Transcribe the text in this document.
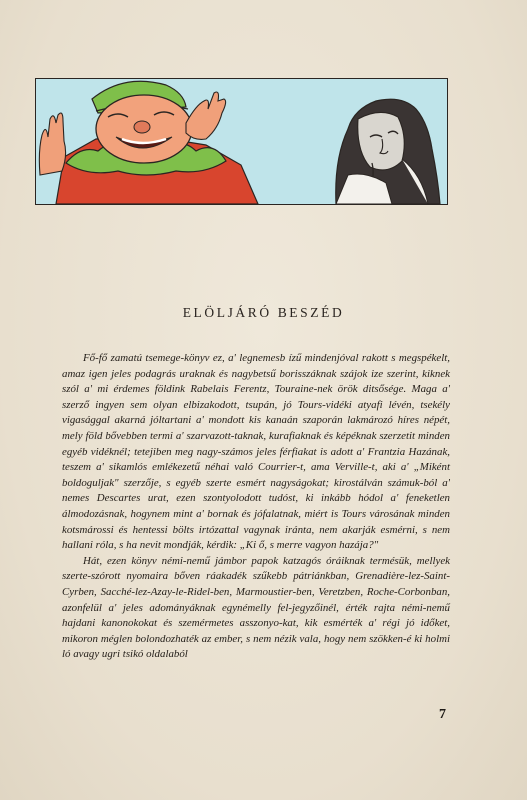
ELÖLJÁRÓ BESZÉD

Fő-fő zamatú tsemege-könyv ez, a' legnemesb ízű mindenjóval rakott s megspékelt, amaz igen jeles podagrás uraknak és nagybetsű borisszáknak szájok ize szerint, kiknek szól a' mi érdemes földink Rabelais Ferentz, Touraine-nek örök ditsősége. Maga a' szerző ingyen sem olyan elbizakodott, tsupán, jó Tours-vidéki atyafi lévén, tsekély vigasággal akarná jóltartani a' mondott kis kanaán szaporán lakmározó híres népét, mely föld bővebben termi a' szarvazott-taknak, kurafiaknak és képéknak szerzetit minden egyéb vidéknél; tetejiben meg nagy-számos jeles férfiakat is adott a' Frantzia Hazának, teszem a' sikamlós emlékezetű néhai való Courrier-t, ama Verville-t, aki a' „Miként boldoguljak" szerzője, s egyéb szerte esmért nagyságokat; kirostálván számuk-ból a' nemes Descartes urat, ezen szontyolodott tudóst, ki inkább hódol a' feneketlen álmodozásnak, hogynem mint a' bornak és jófalatnak, miért is Tours városának minden kotsmárossi és hentessi bölts irtózattal vagynak iránta, nem akarják esmérni, s nem hallani róla, s ha nevit mondják, kérdik: „Ki ő, s merre vagyon hazája?"

Hát, ezen könyv némi-nemű jámbor papok katzagós óráiknak termésük, mellyek szerte-szórott nyomaira bőven ráakadék szűkebb pátriánkban, Grenadière-lez-Saint-Cyrben, Sacché-lez-Azay-le-Ridel-ben, Marmoustier-ben, Veretzben, Roche-Corbonban, azonfelül a' jeles adományáknak egynémelly fel-jegyzőinél, érték rajta némi-nemű hajdani kanonokokat és szemérmetes asszonyo-kat, kik esmérték a' régi jó időket, mikoron méglen bolondozhaték az ember, s nem nézik vala, hogy nem szökken-é ki holmi ló avagy ugri tsikó oldalaból

7
